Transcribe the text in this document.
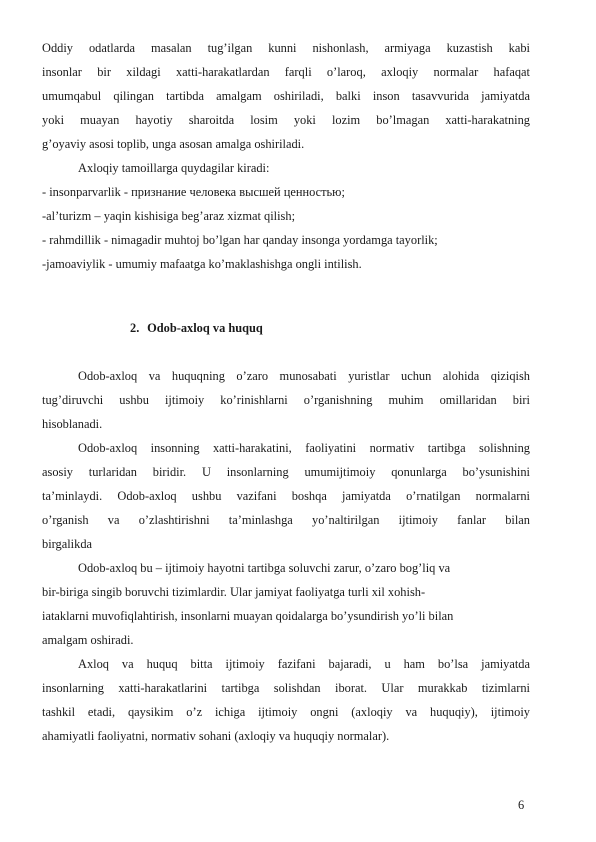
Oddiy odatlarda masalan tug’ilgan kunni nishonlash, armiyaga kuzastish kabi
insonlar bir xildagi xatti-harakatlardan farqli o’laroq, axloqiy normalar hafaqat
umumqabul qilingan tartibda amalgam oshiriladi, balki inson tasavvurida jamiyatda
yoki muayan hayotiy sharoitda losim yoki lozim bo’lmagan xatti-harakatning
g’oyaviy asosi toplib, unga asosan amalga oshiriladi.
Axloqiy tamoillarga quydagilar kiradi:
- insonparvarlik - признание человека высшей ценностью;
-al’turizm – yaqin kishisiga beg’araz xizmat qilish;
- rahmdillik - nimagadir muhtoj bo’lgan har qanday insonga yordamga tayorlik;
-jamoaviylik - umumiy mafaatga ko’maklashishga ongli intilish.
2. Odob-axloq va huquq
Odob-axloq va huquqning o’zaro munosabati yuristlar uchun alohida qiziqish
tug’diruvchi ushbu ijtimoiy ko’rinishlarni o’rganishning muhim omillaridan biri
hisoblanadi.
Odob-axloq insonning xatti-harakatini, faoliyatini normativ tartibga solishning
asosiy turlaridan biridir. U insonlarning umumijtimoiy qonunlarga bo’ysunishini
ta’minlaydi. Odob-axloq ushbu vazifani boshqa jamiyatda o’rnatilgan normalarni
o’rganish va o’zlashtirishni ta’minlashga yo’naltirilgan ijtimoiy fanlar bilan
birgalikda
Odob-axloq bu – ijtimoiy hayotni tartibga soluvchi zarur, o’zaro bog’liq va
bir-biriga singib boruvchi tizimlardir. Ular jamiyat faoliyatga turli xil xohish-
iataklarni muvofiqlahtirish, insonlarni muayan qoidalarga bo’ysundirish yo’li bilan
amalgam oshiradi.
Axloq va huquq bitta ijtimoiy fazifani bajaradi, u ham bo’lsa jamiyatda
insonlarning xatti-harakatlarini tartibga solishdan iborat. Ular murakkab tizimlarni
tashkil etadi, qaysikim o’z ichiga ijtimoiy ongni (axloqiy va huquqiy), ijtimoiy
ahamiyatli faoliyatni, normativ sohani (axloqiy va huquqiy normalar).
6
